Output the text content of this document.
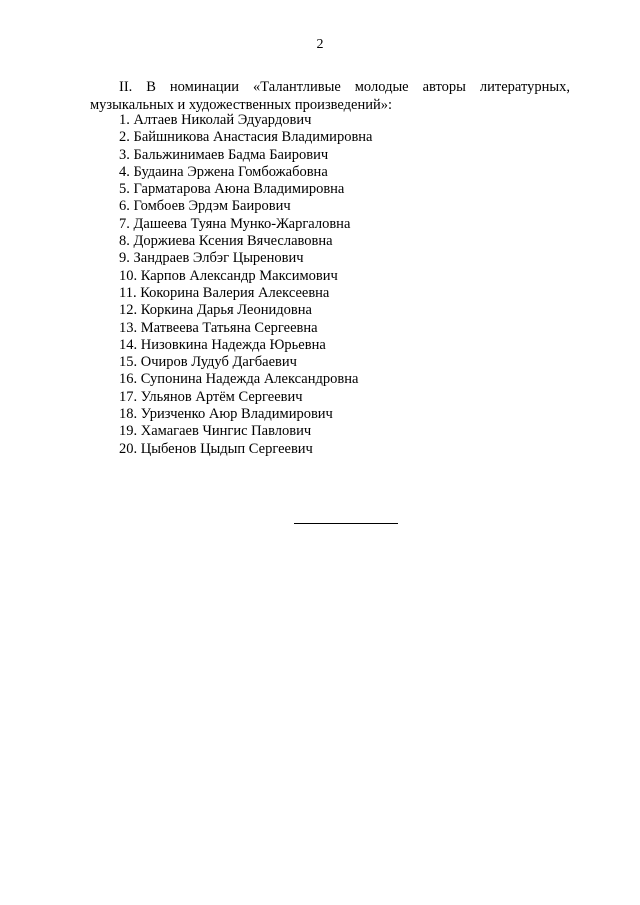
2
II. В номинации «Талантливые молодые авторы литературных, музыкальных и художественных произведений»:
1. Алтаев Николай Эдуардович
2. Байшникова Анастасия Владимировна
3. Бальжинимаев Бадма Баирович
4. Будаина Эржена Гомбожабовна
5. Гарматарова Аюна Владимировна
6. Гомбоев Эрдэм Баирович
7. Дашеева Туяна Мунко-Жаргаловна
8. Доржиева Ксения Вячеславовна
9. Зандраев Элбэг Цыренович
10. Карпов Александр Максимович
11. Кокорина Валерия Алексеевна
12. Коркина Дарья Леонидовна
13. Матвеева Татьяна Сергеевна
14. Низовкина Надежда Юрьевна
15. Очиров Лудуб Дагбаевич
16. Супонина Надежда Александровна
17. Ульянов Артём Сергеевич
18. Уризченко Аюр Владимирович
19. Хамагаев Чингис Павлович
20. Цыбенов Цыдып Сергеевич
